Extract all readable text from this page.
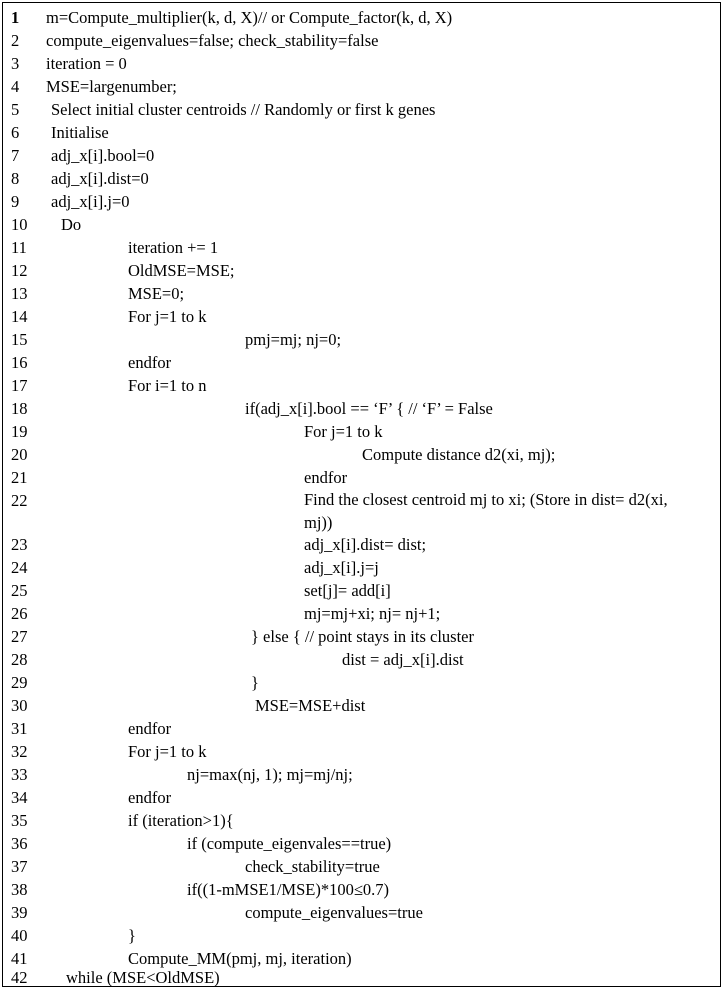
1	m=Compute_multiplier(k, d, X)// or Compute_factor(k, d, X)
2	compute_eigenvalues=false; check_stability=false
3	iteration = 0
4	MSE=largenumber;
5	Select initial cluster centroids // Randomly or first k genes
6	Initialise
7	adj_x[i].bool=0
8	adj_x[i].dist=0
9	adj_x[i].j=0
10	Do
11	iteration += 1
12	OldMSE=MSE;
13	MSE=0;
14	For j=1 to k
15	pmj=mj; nj=0;
16	endfor
17	For i=1 to n
18	if(adj_x[i].bool == ‘F’ { // ‘F’ = False
19	For j=1 to k
20	Compute distance d2(xi, mj);
21	endfor
22	Find the closest centroid mj to xi; (Store in dist= d2(xi, mj))
23	adj_x[i].dist= dist;
24	adj_x[i].j=j
25	set[j]= add[i]
26	mj=mj+xi; nj= nj+1;
27	} else { // point stays in its cluster
28	dist = adj_x[i].dist
29	}
30	MSE=MSE+dist
31	endfor
32	For j=1 to k
33	nj=max(nj, 1); mj=mj/nj;
34	endfor
35	if (iteration>1){
36	if (compute_eigenvales==true)
37	check_stability=true
38	if((1-mMSE1/MSE)*100≤0.7)
39	compute_eigenvalues=true
40	}
41	Compute_MM(pmj, mj, iteration)
42	while (MSE<OldMSE)
